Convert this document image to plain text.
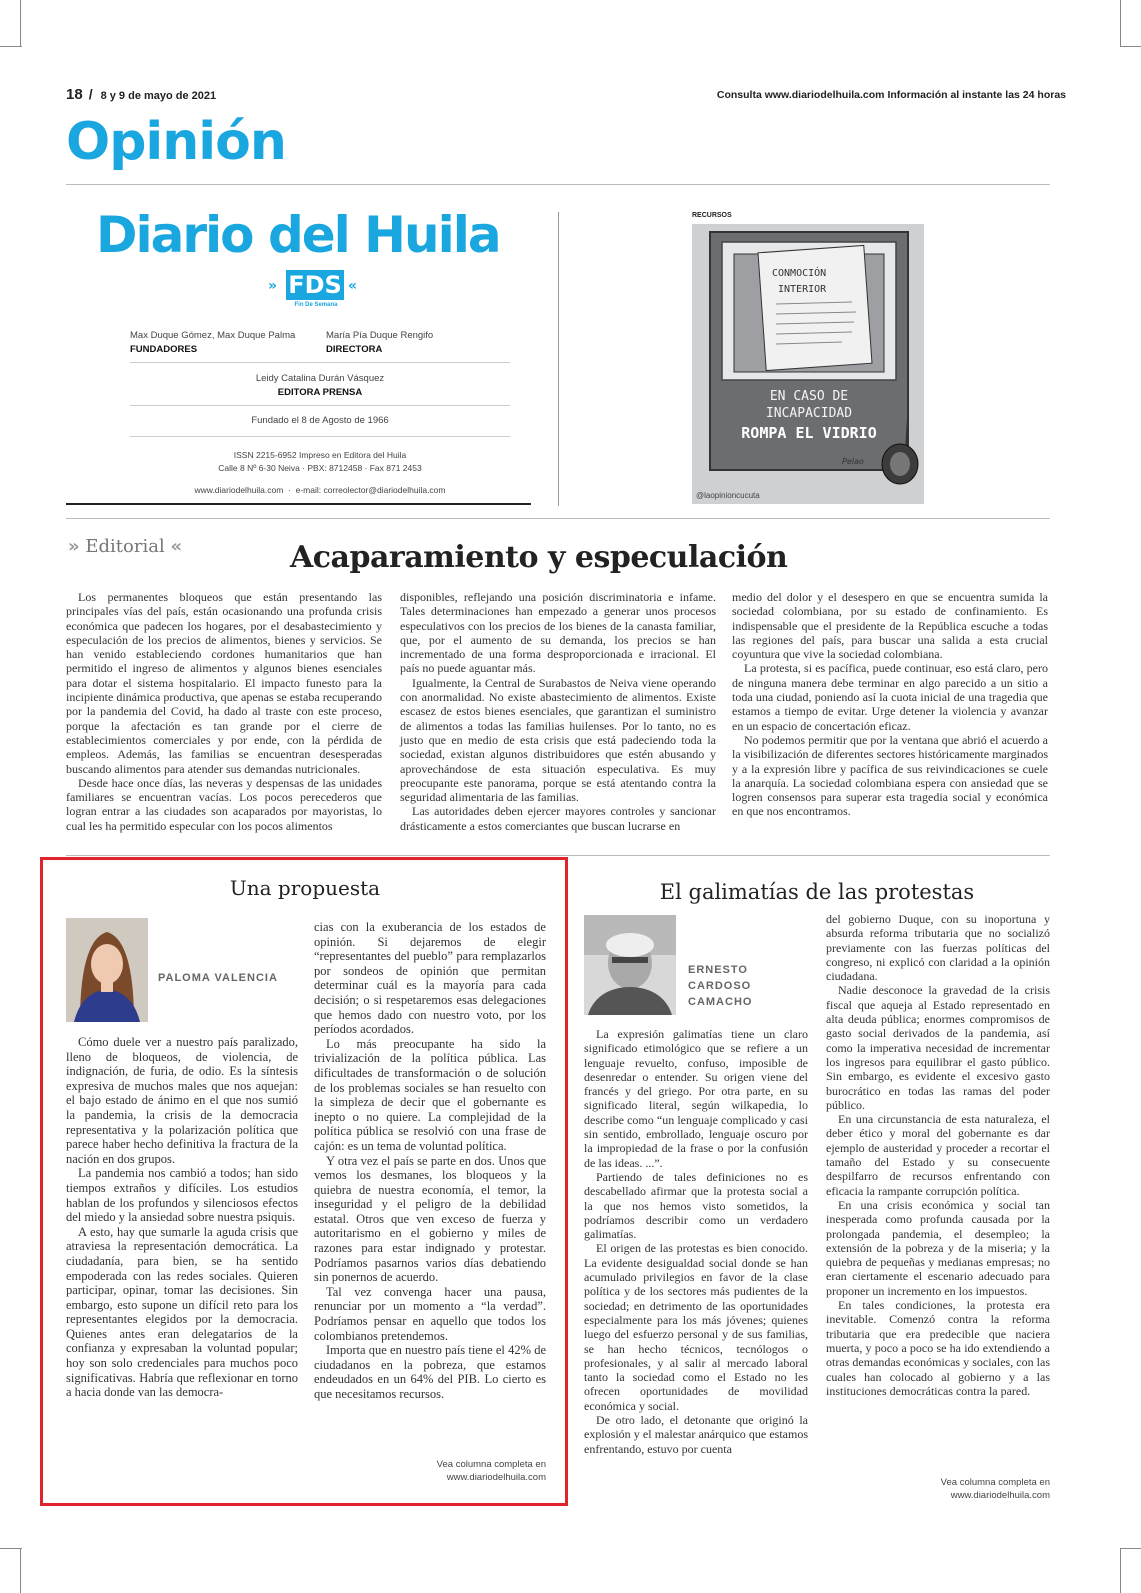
18 / 8 y 9 de mayo de 2021	Consulta www.diariodelhuila.com Información al instante las 24 horas
Opinión
Diario del Huila
» FDS «
Fin De Semana
Max Duque Gómez, Max Duque Palma
FUNDADORES
María Pía Duque Rengifo
DIRECTORA
Leidy Catalina Durán Vásquez
EDITORA PRENSA
Fundado el 8 de Agosto de 1966
ISSN 2215-6952 Impreso en Editora del Huila
Calle 8 Nº 6-30 Neiva · PBX: 8712458 · Fax 871 2453
www.diariodelhuila.com  ·  e-mail: correolector@diariodelhuila.com
RECURSOS
CONMOCIÓN
INTERIOR
EN CASO DE
INCAPACIDAD
ROMPA EL VIDRIO
Pelao
@laopinioncucuta
» Editorial «	Acaparamiento y especulación

Los permanentes bloqueos que están presentando las principales vías del país, están ocasionando una profunda crisis económica que padecen los hogares, por el desabastecimiento y especulación de los precios de alimentos, bienes y servicios. Se han venido estableciendo cordones humanitarios que han permitido el ingreso de alimentos y algunos bienes esenciales para dotar el sistema hospitalario. El impacto funesto para la incipiente dinámica productiva, que apenas se estaba recuperando por la pandemia del Covid, ha dado al traste con este proceso, porque la afectación es tan grande por el cierre de establecimientos comerciales y por ende, con la pérdida de empleos. Además, las familias se encuentran desesperadas buscando alimentos para atender sus demandas nutricionales.

Desde hace once días, las neveras y despensas de las unidades familiares se encuentran vacías. Los pocos perecederos que logran entrar a las ciudades son acaparados por mayoristas, lo cual les ha permitido especular con los pocos alimentos

disponibles, reflejando una posición discriminatoria e infame. Tales determinaciones han empezado a generar unos procesos especulativos con los precios de los bienes de la canasta familiar, que, por el aumento de su demanda, los precios se han incrementado de una forma desproporcionada e irracional. El país no puede aguantar más.

Igualmente, la Central de Surabastos de Neiva viene operando con anormalidad. No existe abastecimiento de alimentos. Existe escasez de estos bienes esenciales, que garantizan el suministro de alimentos a todas las familias huilenses. Por lo tanto, no es justo que en medio de esta crisis que está padeciendo toda la sociedad, existan algunos distribuidores que estén abusando y aprovechándose de esta situación especulativa. Es muy preocupante este panorama, porque se está atentando contra la seguridad alimentaria de las familias.

Las autoridades deben ejercer mayores controles y sancionar drásticamente a estos comerciantes que buscan lucrarse en

medio del dolor y el desespero en que se encuentra sumida la sociedad colombiana, por su estado de confinamiento. Es indispensable que el presidente de la República escuche a todas las regiones del país, para buscar una salida a esta crucial coyuntura que vive la sociedad colombiana.

La protesta, si es pacífica, puede continuar, eso está claro, pero de ninguna manera debe terminar en algo parecido a un sitio a toda una ciudad, poniendo así la cuota inicial de una tragedia que estamos a tiempo de evitar. Urge detener la violencia y avanzar en un espacio de concertación eficaz.

No podemos permitir que por la ventana que abrió el acuerdo a la visibilización de diferentes sectores históricamente marginados y a la expresión libre y pacífica de sus reivindicaciones se cuele la anarquía. La sociedad colombiana espera con ansiedad que se logren consensos para superar esta tragedia social y económica en que nos encontramos.

Una propuesta
PALOMA VALENCIA

Cómo duele ver a nuestro país paralizado, lleno de bloqueos, de violencia, de indignación, de furia, de odio. Es la síntesis expresiva de muchos males que nos aquejan: el bajo estado de ánimo en el que nos sumió la pandemia, la crisis de la democracia representativa y la polarización política que parece haber hecho definitiva la fractura de la nación en dos grupos.

La pandemia nos cambió a todos; han sido tiempos extraños y difíciles. Los estudios hablan de los profundos y silenciosos efectos del miedo y la ansiedad sobre nuestra psiquis.

A esto, hay que sumarle la aguda crisis que atraviesa la representación democrática. La ciudadanía, para bien, se ha sentido empoderada con las redes sociales. Quieren participar, opinar, tomar las decisiones. Sin embargo, esto supone un difícil reto para los representantes elegidos por la democracia. Quienes antes eran delegatarios de la confianza y expresaban la voluntad popular; hoy son solo credenciales para muchos poco significativas. Habría que reflexionar en torno a hacia donde van las democra-

cias con la exuberancia de los estados de opinión. Si dejaremos de elegir “representantes del pueblo” para remplazarlos por sondeos de opinión que permitan determinar cuál es la mayoría para cada decisión; o si respetaremos esas delegaciones que hemos dado con nuestro voto, por los períodos acordados.

Lo más preocupante ha sido la trivialización de la política pública. Las dificultades de transformación o de solución de los problemas sociales se han resuelto con la simpleza de decir que el gobernante es inepto o no quiere. La complejidad de la política pública se resolvió con una frase de cajón: es un tema de voluntad política.

Y otra vez el país se parte en dos. Unos que vemos los desmanes, los bloqueos y la quiebra de nuestra economía, el temor, la inseguridad y el peligro de la debilidad estatal. Otros que ven exceso de fuerza y autoritarismo en el gobierno y miles de razones para estar indignado y protestar. Podríamos pasarnos varios días debatiendo sin ponernos de acuerdo.

Tal vez convenga hacer una pausa, renunciar por un momento a “la verdad”. Podríamos pensar en aquello que todos los colombianos pretendemos.

Importa que en nuestro país tiene el 42% de ciudadanos en la pobreza, que estamos endeudados en un 64% del PIB. Lo cierto es que necesitamos recursos.

Vea columna completa en
www.diariodelhuila.com
El galimatías de las protestas
ERNESTO
CARDOSO
CAMACHO

La expresión galimatías tiene un claro significado etimológico que se refiere a un lenguaje revuelto, confuso, imposible de desenredar o entender. Su origen viene del francés y del griego. Por otra parte, en su significado literal, según wilkapedia, lo describe como “un lenguaje complicado y casi sin sentido, embrollado, lenguaje oscuro por la impropiedad de la frase o por la confusión de las ideas. ...”.

Partiendo de tales definiciones no es descabellado afirmar que la protesta social a la que nos hemos visto sometidos, la podríamos describir como un verdadero galimatías.

El origen de las protestas es bien conocido. La evidente desigualdad social donde se han acumulado privilegios en favor de la clase política y de los sectores más pudientes de la sociedad; en detrimento de las oportunidades especialmente para los más jóvenes; quienes luego del esfuerzo personal y de sus familias, se han hecho técnicos, tecnólogos o profesionales, y al salir al mercado laboral tanto la sociedad como el Estado no les ofrecen oportunidades de movilidad económica y social.

De otro lado, el detonante que originó la explosión y el malestar anárquico que estamos enfrentando, estuvo por cuenta

del gobierno Duque, con su inoportuna y absurda reforma tributaria que no socializó previamente con las fuerzas políticas del congreso, ni explicó con claridad a la opinión ciudadana.

Nadie desconoce la gravedad de la crisis fiscal que aqueja al Estado representado en alta deuda pública; enormes compromisos de gasto social derivados de la pandemia, así como la imperativa necesidad de incrementar los ingresos para equilibrar el gasto público. Sin embargo, es evidente el excesivo gasto burocrático en todas las ramas del poder público.

En una circunstancia de esta naturaleza, el deber ético y moral del gobernante es dar ejemplo de austeridad y proceder a recortar el tamaño del Estado y su consecuente despilfarro de recursos enfrentando con eficacia la rampante corrupción política.

En una crisis económica y social tan inesperada como profunda causada por la prolongada pandemia, el desempleo; la extensión de la pobreza y de la miseria; y la quiebra de pequeñas y medianas empresas; no eran ciertamente el escenario adecuado para proponer un incremento en los impuestos.

En tales condiciones, la protesta era inevitable. Comenzó contra la reforma tributaria que era predecible que naciera muerta, y poco a poco se ha ido extendiendo a otras demandas económicas y sociales, con las cuales han colocado al gobierno y a las instituciones democráticas contra la pared.

Vea columna completa en
www.diariodelhuila.com
